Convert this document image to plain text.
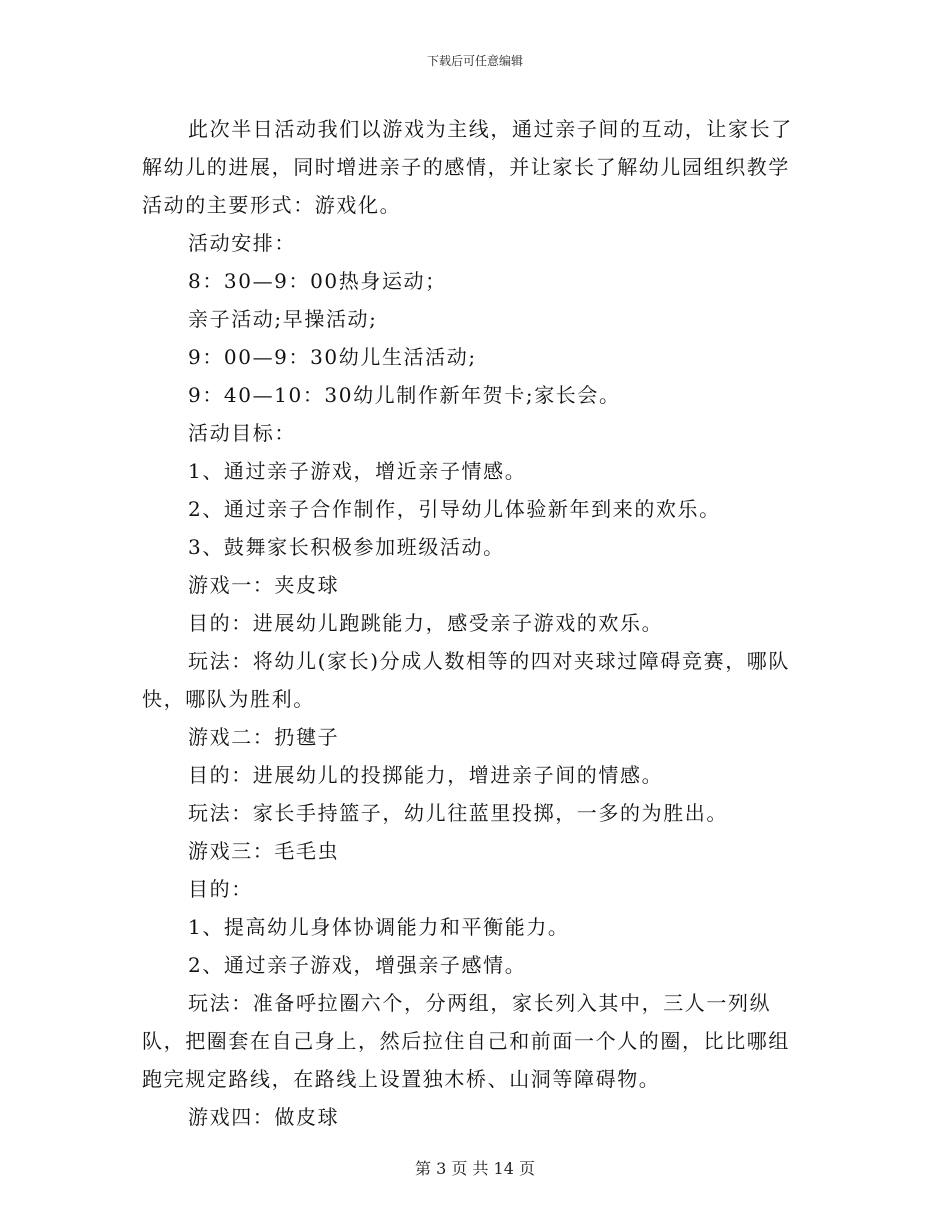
下载后可任意编辑

此次半日活动我们以游戏为主线，通过亲子间的互动，让家长了解幼儿的进展，同时增进亲子的感情，并让家长了解幼儿园组织教学活动的主要形式：游戏化。

活动安排：

8：30—9：00热身运动；

亲子活动;早操活动;

9：00—9：30幼儿生活活动;

9：40—10：30幼儿制作新年贺卡;家长会。

活动目标：

1、通过亲子游戏，增近亲子情感。

2、通过亲子合作制作，引导幼儿体验新年到来的欢乐。

3、鼓舞家长积极参加班级活动。

游戏一：夹皮球

目的：进展幼儿跑跳能力，感受亲子游戏的欢乐。

玩法：将幼儿(家长)分成人数相等的四对夹球过障碍竞赛，哪队快，哪队为胜利。

游戏二：扔毽子

目的：进展幼儿的投掷能力，增进亲子间的情感。

玩法：家长手持篮子，幼儿往蓝里投掷，一多的为胜出。

游戏三：毛毛虫

目的：

1、提高幼儿身体协调能力和平衡能力。

2、通过亲子游戏，增强亲子感情。

玩法：准备呼拉圈六个，分两组，家长列入其中，三人一列纵队，把圈套在自己身上，然后拉住自己和前面一个人的圈，比比哪组跑完规定路线，在路线上设置独木桥、山洞等障碍物。

游戏四：做皮球

第 3 页 共 14 页
